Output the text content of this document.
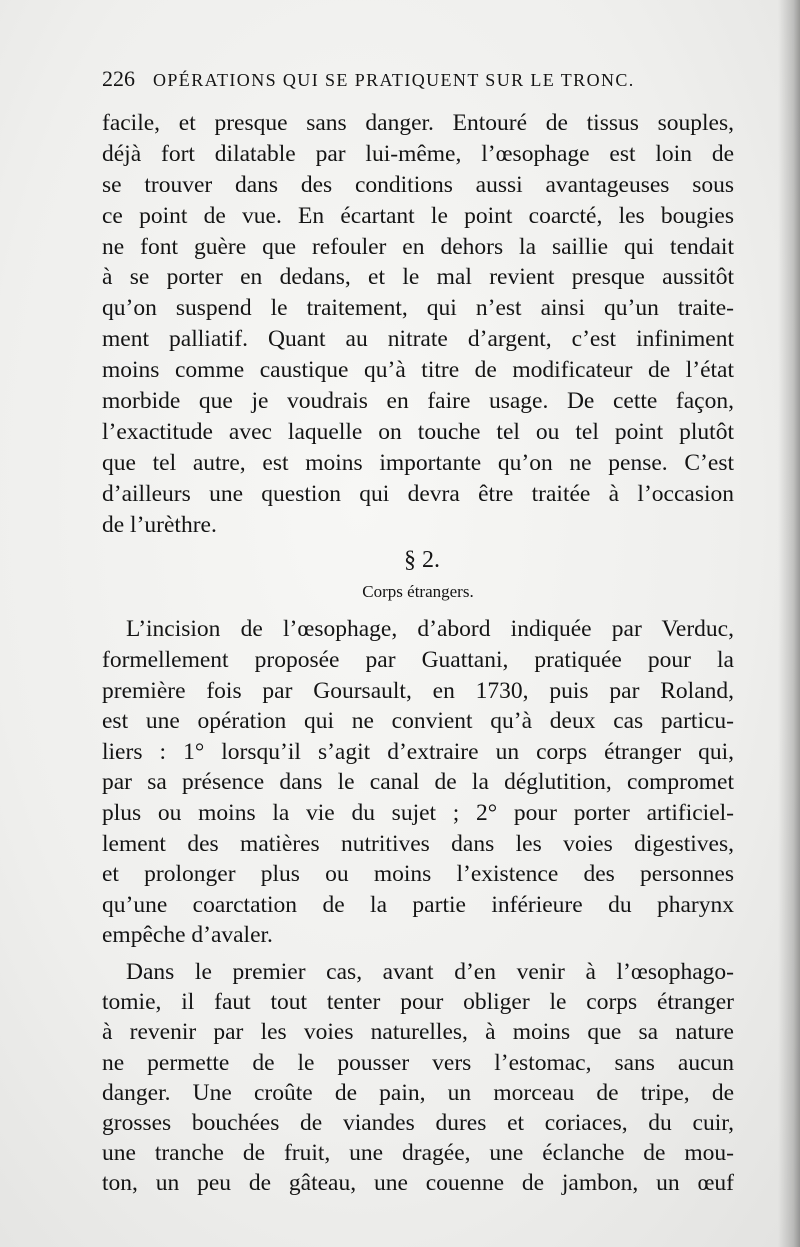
226 OPÉRATIONS QUI SE PRATIQUENT SUR LE TRONC.
facile, et presque sans danger. Entouré de tissus souples,
déjà fort dilatable par lui-même, l’œsophage est loin de
se trouver dans des conditions aussi avantageuses sous
ce point de vue. En écartant le point coarcté, les bougies
ne font guère que refouler en dehors la saillie qui tendait
à se porter en dedans, et le mal revient presque aussitôt
qu’on suspend le traitement, qui n’est ainsi qu’un traite-
ment palliatif. Quant au nitrate d’argent, c’est infiniment
moins comme caustique qu’à titre de modificateur de l’état
morbide que je voudrais en faire usage. De cette façon,
l’exactitude avec laquelle on touche tel ou tel point plutôt
que tel autre, est moins importante qu’on ne pense. C’est
d’ailleurs une question qui devra être traitée à l’occasion
de l’urèthre.
§ 2.
Corps étrangers.
L’incision de l’œsophage, d’abord indiquée par Verduc,
formellement proposée par Guattani, pratiquée pour la
première fois par Goursault, en 1730, puis par Roland,
est une opération qui ne convient qu’à deux cas particu-
liers : 1° lorsqu’il s’agit d’extraire un corps étranger qui,
par sa présence dans le canal de la déglutition, compromet
plus ou moins la vie du sujet ; 2° pour porter artificiel-
lement des matières nutritives dans les voies digestives,
et prolonger plus ou moins l’existence des personnes
qu’une coarctation de la partie inférieure du pharynx
empêche d’avaler.
Dans le premier cas, avant d’en venir à l’œsophago-
tomie, il faut tout tenter pour obliger le corps étranger
à revenir par les voies naturelles, à moins que sa nature
ne permette de le pousser vers l’estomac, sans aucun
danger. Une croûte de pain, un morceau de tripe, de
grosses bouchées de viandes dures et coriaces, du cuir,
une tranche de fruit, une dragée, une éclanche de mou-
ton, un peu de gâteau, une couenne de jambon, un œuf
